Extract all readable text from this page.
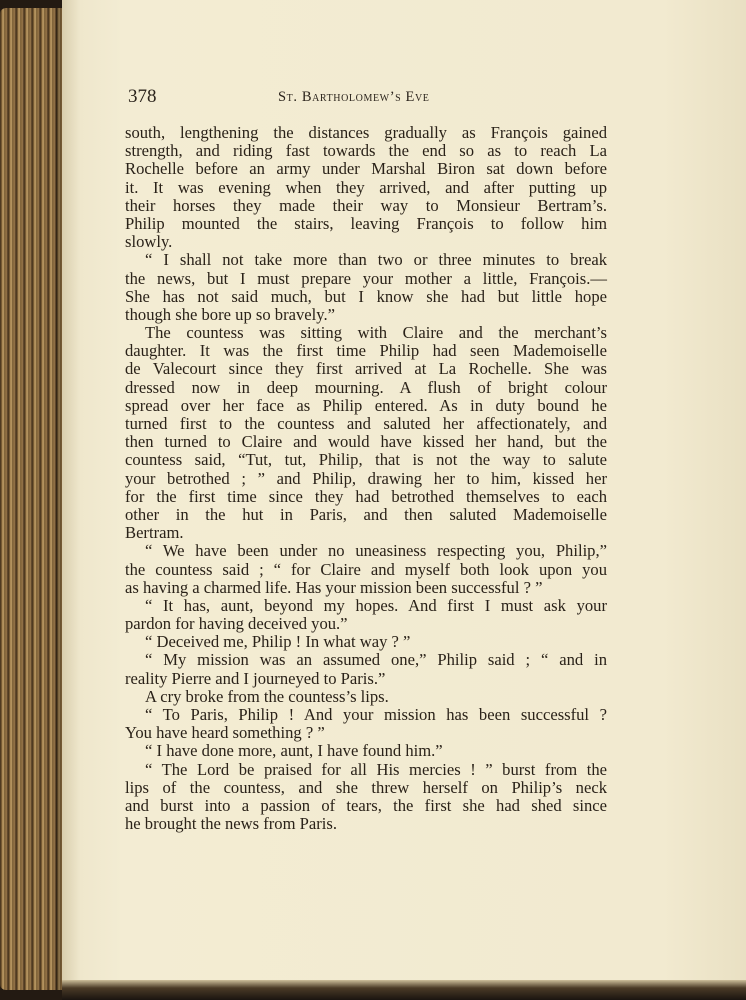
378	St. Bartholomew’s Eve
south, lengthening the distances gradually as François gained
strength, and riding fast towards the end so as to reach La
Rochelle before an army under Marshal Biron sat down before
it. It was evening when they arrived, and after putting up
their horses they made their way to Monsieur Bertram’s.
Philip mounted the stairs, leaving François to follow him
slowly.
“ I shall not take more than two or three minutes to break
the news, but I must prepare your mother a little, François.—
She has not said much, but I know she had but little hope
though she bore up so bravely.”
The countess was sitting with Claire and the merchant’s
daughter. It was the first time Philip had seen Mademoiselle
de Valecourt since they first arrived at La Rochelle. She was
dressed now in deep mourning. A flush of bright colour
spread over her face as Philip entered. As in duty bound he
turned first to the countess and saluted her affectionately, and
then turned to Claire and would have kissed her hand, but the
countess said, “Tut, tut, Philip, that is not the way to salute
your betrothed ; ” and Philip, drawing her to him, kissed her
for the first time since they had betrothed themselves to each
other in the hut in Paris, and then saluted Mademoiselle
Bertram.
“ We have been under no uneasiness respecting you, Philip,”
the countess said ; “ for Claire and myself both look upon you
as having a charmed life. Has your mission been successful ? ”
“ It has, aunt, beyond my hopes. And first I must ask your
pardon for having deceived you.”
“ Deceived me, Philip ! In what way ? ”
“ My mission was an assumed one,” Philip said ; “ and in
reality Pierre and I journeyed to Paris.”
A cry broke from the countess’s lips.
“ To Paris, Philip ! And your mission has been successful ?
You have heard something ? ”
“ I have done more, aunt, I have found him.”
“ The Lord be praised for all His mercies ! ” burst from the
lips of the countess, and she threw herself on Philip’s neck
and burst into a passion of tears, the first she had shed since
he brought the news from Paris.
